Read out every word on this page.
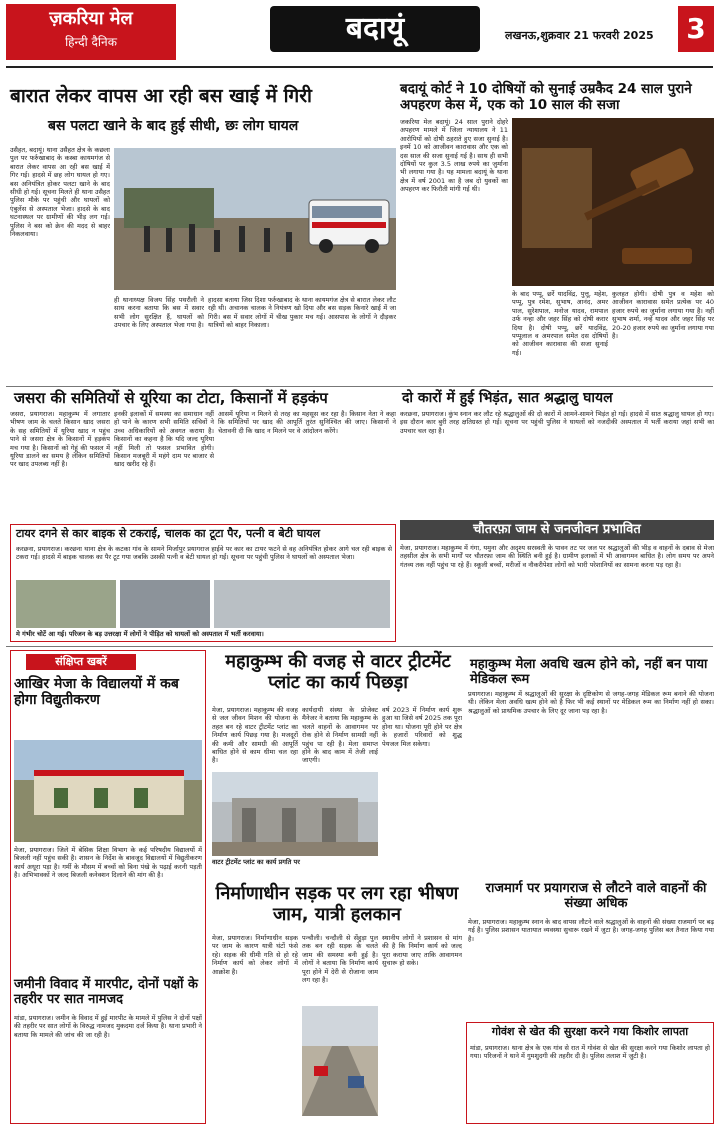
ज़करिया मेल
हिन्दी दैनिक	बदायूं	लखनऊ,शुक्रवार 21 फरवरी 2025 3
बारात लेकर वापस आ रही बस खाई में गिरी
बस पलटा खाने के बाद हुई सीधी, छः लोग घायल
उसैहत, बदायूं। थाना उसैहत क्षेत्र के कछला पुल पर फर्रुखाबाद के कस्बा कायमगंज से बारात लेकर वापस आ रही बस खाई में गिर गई। हादसे में छह लोग घायल हो गए। बस अनियंत्रित होकर पलटा खाने के बाद सीधी हो गई। सूचना मिलते ही थाना उसैहत पुलिस मौके पर पहुंची और घायलों को एंबुलेंस से अस्पताल भेजा। हादसे के बाद घटनास्थल पर ग्रामीणों की भीड़ लग गई। पुलिस ने बस को क्रेन की मदद से बाहर निकलवाया।
ही थानाध्यक्ष विजय सिंह पथरौली ने साथ करना बताया कि बस में सवार सभी लोग सुरक्षित हैं, घायलों को उपचार के लिए अस्पताल भेजा गया है।
हादसा बताया जिस दिशा फर्रुखाबाद के थाना कायमगंज क्षेत्र से बारात लेकर लौट रही थी। अचानक चालक ने नियंत्रण खो दिया और बस सड़क किनारे खाई में जा गिरी। बस में सवार लोगों में चीख पुकार मच गई। आसपास के लोगों ने दौड़कर यात्रियों को बाहर निकाला।
बदायूं कोर्ट ने 10 दोषियों को सुनाई उम्रकैद 24 साल पुराने अपहरण केस में, एक को 10 साल की सजा
जकरिया मेल बदायूं। 24 साल पुराने दोहरे अपहरण मामले में जिला न्यायालय ने 11 आरोपियों को दोषी ठहराते हुए सजा सुनाई है। इनमें 10 को आजीवन कारावास और एक को दस साल की सजा सुनाई गई है। साथ ही सभी दोषियों पर कुल 3.5 लाख रुपये का जुर्माना भी लगाया गया है। यह मामला बदायूं के थाना क्षेत्र में वर्ष 2001 का है जब दो युवकों का अपहरण कर फिरौती मांगी गई थी।
के बाद पप्पू, छर्रे यादविंद्र, पुत्तू, महेश, पप्पू, पुत्र रमेश, सुभाष, आनंद, अमर पाल, सुरेशपाल, मनोज यादव, रामपाल उर्फ नन्हा और जहर सिंह को दोषी करार दिया है। दोषी पप्पू, छर्रे यादविंद्र, पप्पूलाल व अमरपाल समेत दस दोषियों को आजीवन कारावास की सजा सुनाई गई।
कुलहत होगी। दोषी पुत्र व महेश को आजीवन कारावास समेत प्रत्येक पर 40 हजार रुपये का जुर्माना लगाया गया है। नहीं सुभाष शर्मा, नन्हें यादव और जहर सिंह पर 20-20 हजार रुपये का जुर्माना लगाया गया है।
जसरा की समितियों से यूरिया का टोटा, किसानों में हड़कंप
जसरा, प्रयागराज। महाकुम्भ में लगातार भीषण जाम के चलते किसान खाद जसरा के सह समितियों में यूरिया खाद न पहुंच पाने से जसरा क्षेत्र के किसानों में हड़कंप मच गया है। किसानों को गेहूं की फसल में यूरिया डालने का समय है लेकिन समितियों पर खाद उपलब्ध नहीं है।
इनकी इलाकों में समस्या का समाधान नहीं हो पाने के कारण सभी समिति सचिवों ने उच्च अधिकारियों को अवगत कराया है। किसानों का कहना है कि यदि जल्द यूरिया नहीं मिली तो फसल प्रभावित होगी। किसान मजबूरी में महंगे दाम पर बाजार से खाद खरीद रहे हैं।
आसमें यूरिया न मिलने से तरह का महसूस कर रहा है। किसान नेता ने कहा कि समितियों पर खाद की आपूर्ति तुरंत सुनिश्चित की जाए। किसानों ने चेतावनी दी कि खाद न मिलने पर वे आंदोलन करेंगे।
दो कारों में हुई भिड़ंत, सात श्रद्धालु घायल
करछना, प्रयागराज। कुंभ स्नान कर लौट रहे श्रद्धालुओं की दो कारों में आमने-सामने भिड़ंत हो गई। हादसे में सात श्रद्धालु घायल हो गए। इस दौरान कार बुरी तरह क्षतिग्रस्त हो गई। सूचना पर पहुंची पुलिस ने घायलों को नजदीकी अस्पताल में भर्ती कराया जहां सभी का उपचार चल रहा है।
टायर दगने से कार बाइक से टकराई, चालक का टूटा पैर, पत्नी व बेटी घायल
करछना, प्रयागराज। करछना थाना क्षेत्र के कटका गांव के सामने मिर्जापुर प्रयागराज हाईवे पर कार का टायर फटने से वह अनियंत्रित होकर आगे चल रही बाइक से टकरा गई। हादसे में बाइक चालक का पैर टूट गया जबकि उसकी पत्नी व बेटी घायल हो गईं। सूचना पर पहुंची पुलिस ने घायलों को अस्पताल भेजा।
मे गंभीर चोटें आ गई। परिजन के बड़ उत्तरक्षा में लोगों ने पीड़ित को घायलों को अस्पताल में भर्ती करवाया।
चौतरफ़ा जाम से जनजीवन प्रभावित
मेजा, प्रयागराज। महाकुम्भ में गंगा, यमुना और अदृश्य सरस्वती के पावन तट पर जल पर श्रद्धालुओं की भीड़ व वाहनों के दबाव से मेजा तहसील क्षेत्र के सभी मार्गों पर चौतरफ़ा जाम की स्थिति बनी हुई है। ग्रामीण इलाकों में भी आवागमन बाधित है। लोग समय पर अपने गंतव्य तक नहीं पहुंच पा रहे हैं। स्कूली बच्चों, मरीजों व नौकरीपेशा लोगों को भारी परेशानियों का सामना करना पड़ रहा है।
संक्षिप्त खबरें
आखिर मेजा के विद्यालयों में कब होगा विद्युतीकरण
मेजा, प्रयागराज। जिले में बेसिक शिक्षा विभाग के कई परिषदीय विद्यालयों में बिजली नहीं पहुंच सकी है। शासन के निर्देश के बावजूद विद्यालयों में विद्युतीकरण कार्य अधूरा पड़ा है। गर्मी के मौसम में बच्चों को बिना पंखे के पढ़ाई करनी पड़ती है। अभिभावकों ने जल्द बिजली कनेक्शन दिलाने की मांग की है।
जमीनी विवाद में मारपीट, दोनों पक्षों के तहरीर पर सात नामजद
मांडा, प्रयागराज। जमीन के विवाद में हुई मारपीट के मामले में पुलिस ने दोनों पक्षों की तहरीर पर सात लोगों के विरुद्ध नामजद मुकदमा दर्ज किया है। थाना प्रभारी ने बताया कि मामले की जांच की जा रही है।
महाकुम्भ की वजह से वाटर ट्रीटमेंट प्लांट का कार्य पिछड़ा
मेजा, प्रयागराज। महाकुम्भ की वजह से जल जीवन मिशन की योजना के तहत बन रहे वाटर ट्रीटमेंट प्लांट का निर्माण कार्य पिछड़ गया है। मजदूरों की कमी और सामग्री की आपूर्ति बाधित होने से काम धीमा चल रहा है।
कार्यदायी संस्था के प्रोजेक्ट मैनेजर ने बताया कि महाकुम्भ के चलते वाहनों के आवागमन पर रोक होने से निर्माण सामग्री नहीं पहुंच पा रही है। मेला समाप्त होने के बाद काम में तेजी लाई जाएगी।
वर्ष 2023 में निर्माण कार्य शुरू हुआ था जिसे वर्ष 2025 तक पूरा होना था। योजना पूरी होने पर क्षेत्र के हजारों परिवारों को शुद्ध पेयजल मिल सकेगा।
वाटर ट्रीटमेंट प्लांट का कार्य प्रगति पर
निर्माणाधीन सड़क पर लग रहा भीषण जाम, यात्री हलकान
मेजा, प्रयागराज। निर्माणाधीन सड़क पर जाम के कारण यात्री घंटों फंसे रहे। सड़क की धीमी गति से हो रहे निर्माण कार्य को लेकर लोगों में आक्रोश है।
पन्चौली। चन्दौली से सेंहुड़ा पुल तक बन रही सड़क के चलते जाम की समस्या बनी हुई है। लोगों ने बताया कि निर्माण कार्य पूरा होने में देरी से रोजाना जाम लग रहा है।
स्थानीय लोगों ने प्रशासन से मांग की है कि निर्माण कार्य को जल्द पूरा कराया जाए ताकि आवागमन सुचारू हो सके।
महाकुम्भ मेला अवधि खत्म होने को, नहीं बन पाया मेडिकल रूम
प्रयागराज। महाकुम्भ में श्रद्धालुओं की सुरक्षा के दृष्टिकोण से जगह-जगह मेडिकल रूम बनाने की योजना थी। लेकिन मेला अवधि खत्म होने को है फिर भी कई स्थानों पर मेडिकल रूम का निर्माण नहीं हो सका। श्रद्धालुओं को प्राथमिक उपचार के लिए दूर जाना पड़ रहा है।
राजमार्ग पर प्रयागराज से लौटने वाले वाहनों की संख्या अधिक
मेजा, प्रयागराज। महाकुम्भ स्नान के बाद वापस लौटने वाले श्रद्धालुओं के वाहनों की संख्या राजमार्ग पर बढ़ गई है। पुलिस प्रशासन यातायात व्यवस्था सुचारू रखने में जुटा है। जगह-जगह पुलिस बल तैनात किया गया है।
गोवंश से खेत की सुरक्षा करने गया किशोर लापता
मांडा, प्रयागराज। थाना क्षेत्र के एक गांव से रात में गोवंश से खेत की सुरक्षा करने गया किशोर लापता हो गया। परिजनों ने थाने में गुमशुदगी की तहरीर दी है। पुलिस तलाश में जुटी है।
